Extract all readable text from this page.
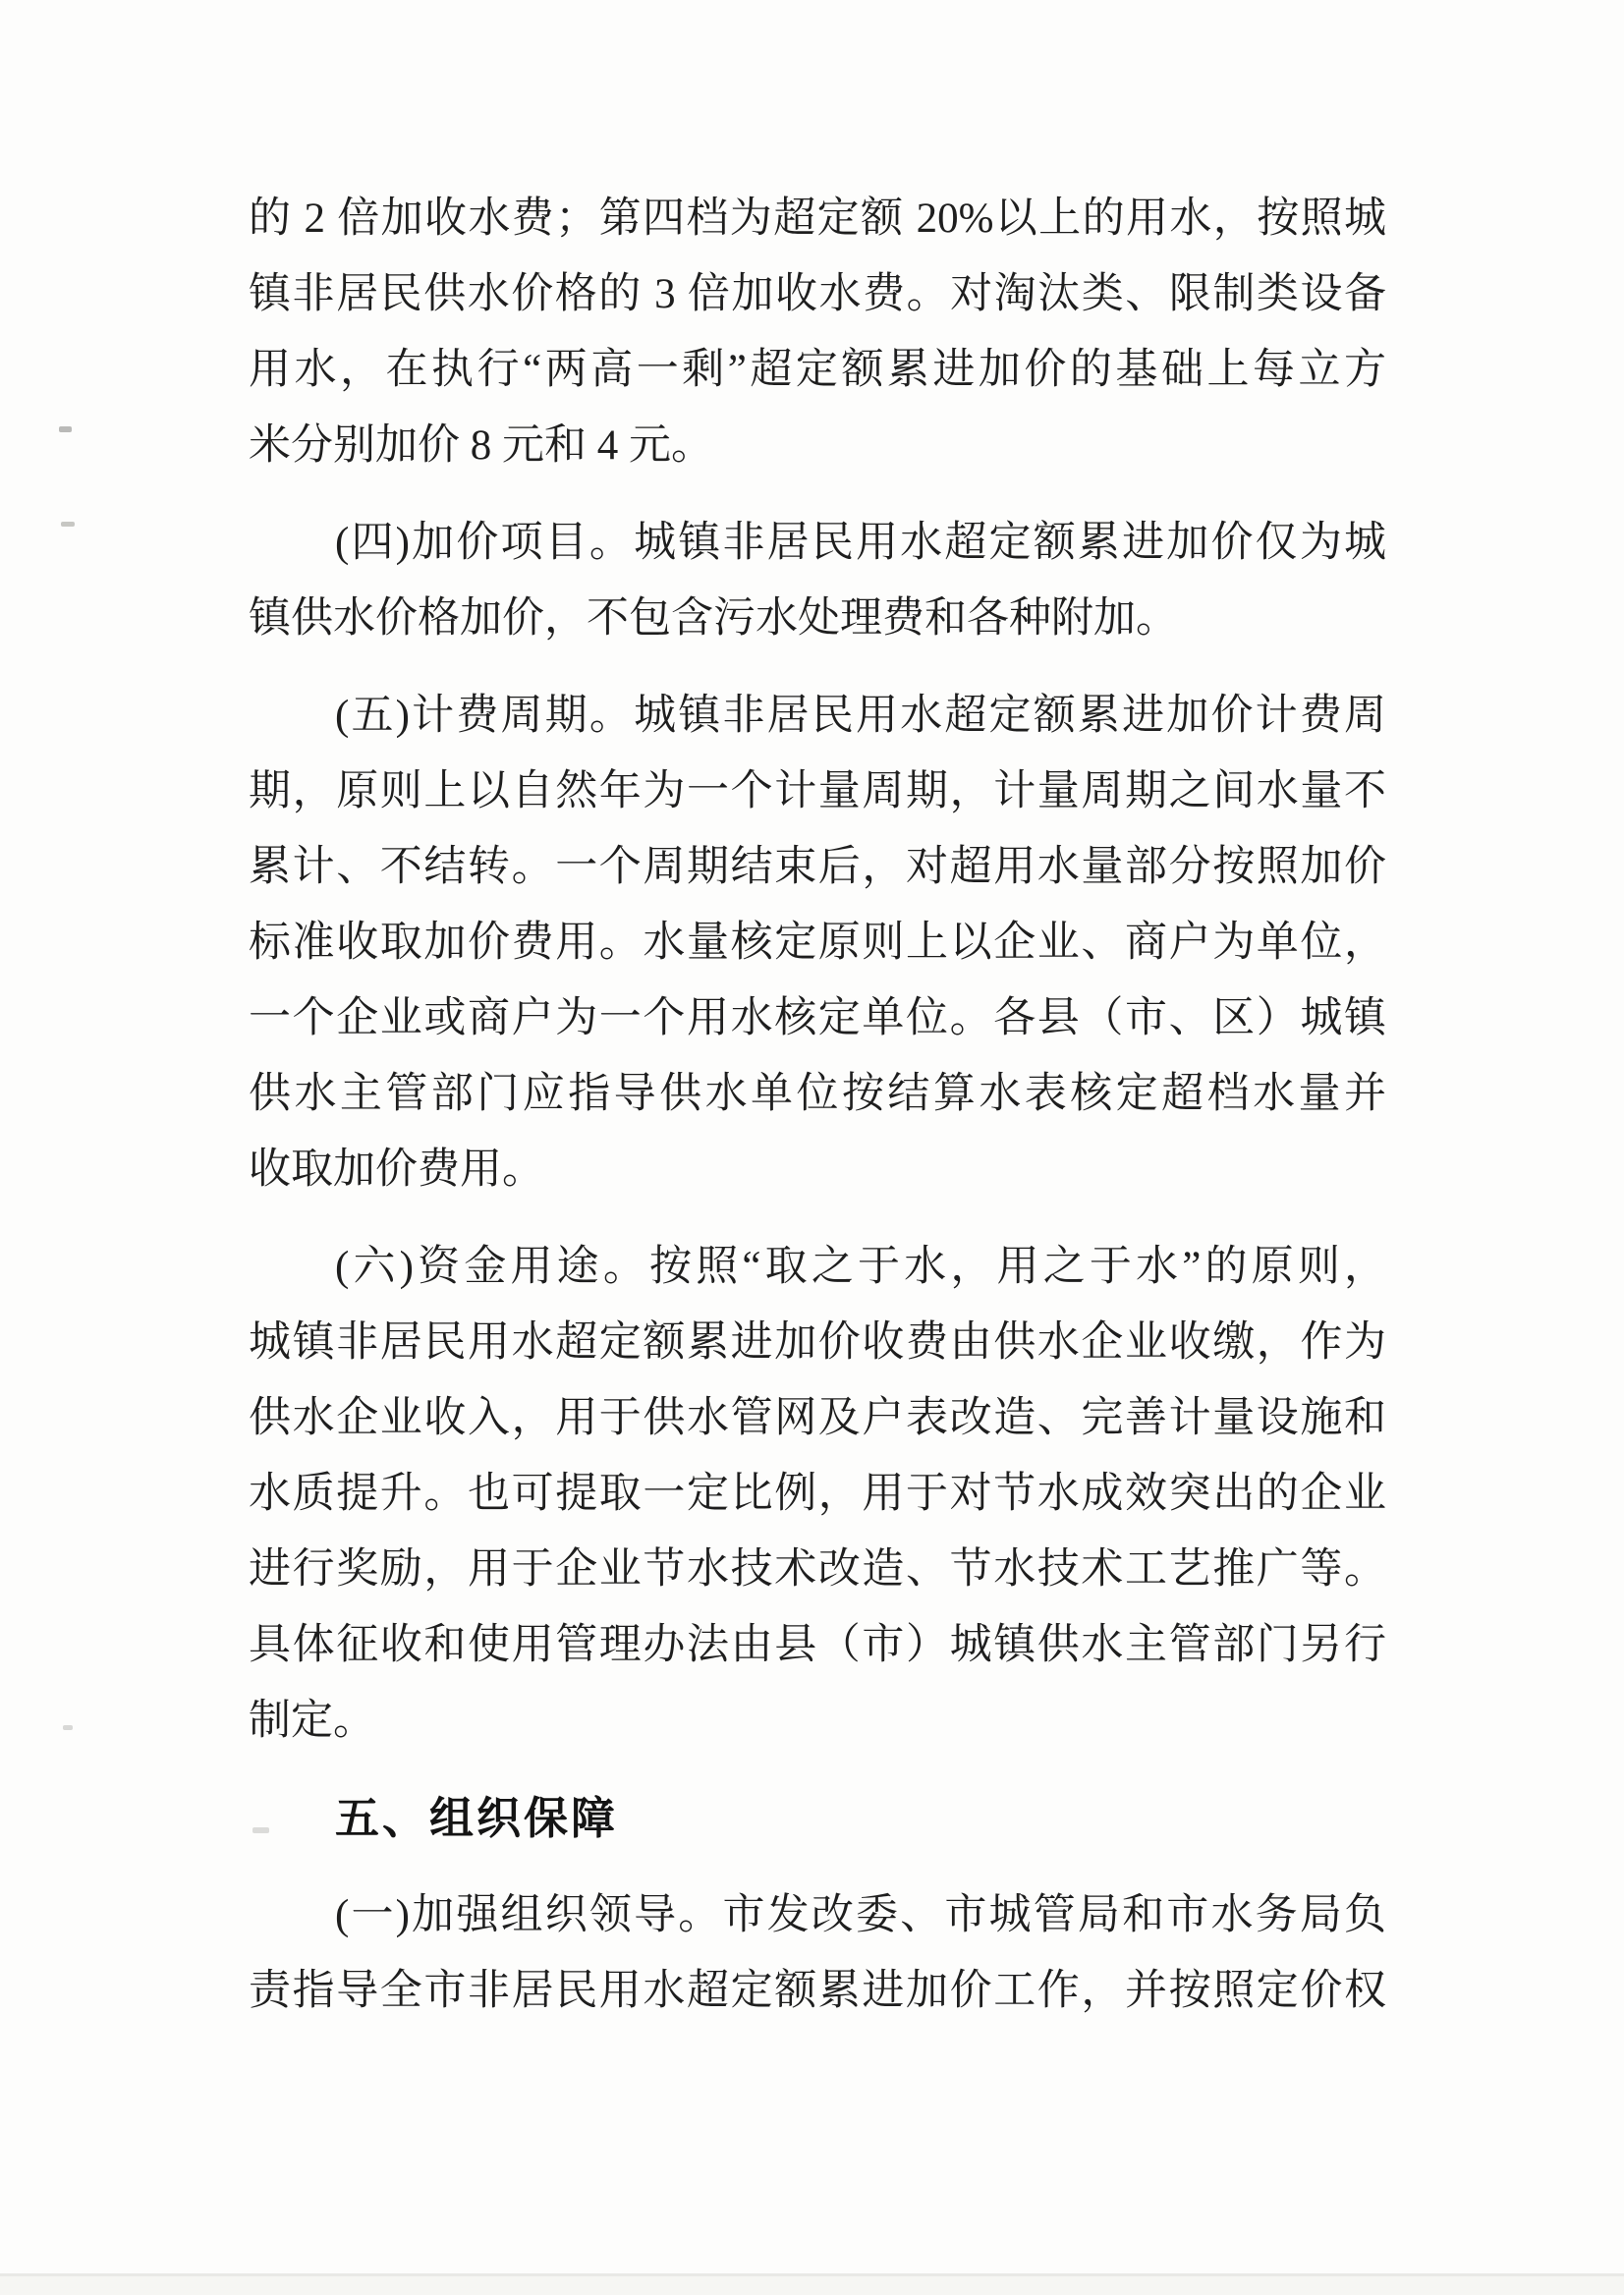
的 2 倍加收水费；第四档为超定额 20%以上的用水，按照城
镇非居民供水价格的 3 倍加收水费。对淘汰类、限制类设备
用水，在执行“两高一剩”超定额累进加价的基础上每立方
米分别加价 8 元和 4 元。
(四)加价项目。城镇非居民用水超定额累进加价仅为城
镇供水价格加价，不包含污水处理费和各种附加。
(五)计费周期。城镇非居民用水超定额累进加价计费周
期，原则上以自然年为一个计量周期，计量周期之间水量不
累计、不结转。一个周期结束后，对超用水量部分按照加价
标准收取加价费用。水量核定原则上以企业、商户为单位，
一个企业或商户为一个用水核定单位。各县（市、区）城镇
供水主管部门应指导供水单位按结算水表核定超档水量并
收取加价费用。
(六)资金用途。按照“取之于水，用之于水”的原则，
城镇非居民用水超定额累进加价收费由供水企业收缴，作为
供水企业收入，用于供水管网及户表改造、完善计量设施和
水质提升。也可提取一定比例，用于对节水成效突出的企业
进行奖励，用于企业节水技术改造、节水技术工艺推广等。
具体征收和使用管理办法由县（市）城镇供水主管部门另行
制定。
五、组织保障
(一)加强组织领导。市发改委、市城管局和市水务局负
责指导全市非居民用水超定额累进加价工作，并按照定价权
